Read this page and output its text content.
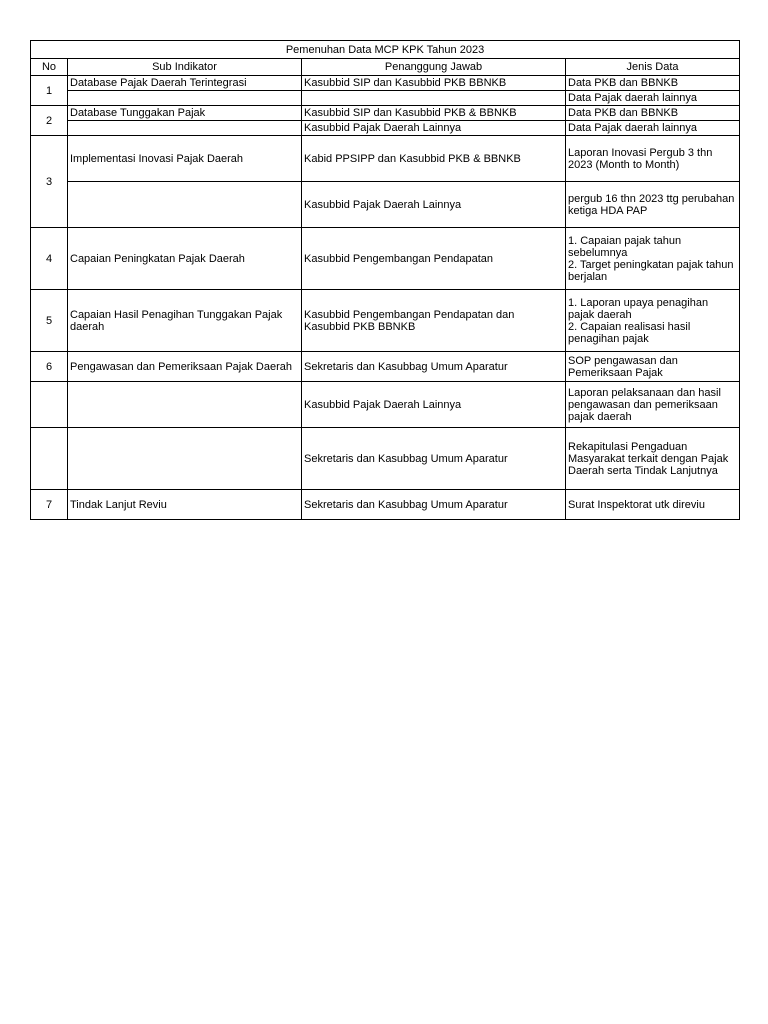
Pemenuhan Data MCP KPK Tahun 2023			
No	Sub Indikator	Penanggung Jawab	Jenis Data
1	Database Pajak Daerah Terintegrasi	Kasubbid SIP dan Kasubbid PKB BBNKB	Data PKB dan BBNKB
			Data Pajak daerah lainnya
2	Database Tunggakan Pajak	Kasubbid SIP dan Kasubbid PKB & BBNKB	Data PKB dan BBNKB
		Kasubbid Pajak Daerah Lainnya	Data Pajak daerah lainnya
3	Implementasi Inovasi Pajak Daerah	Kabid PPSIPP dan Kasubbid PKB & BBNKB	Laporan Inovasi Pergub 3 thn 2023 (Month to Month)
		Kasubbid Pajak Daerah Lainnya	pergub 16 thn 2023 ttg perubahan ketiga HDA PAP
4	Capaian Peningkatan Pajak Daerah	Kasubbid Pengembangan Pendapatan	1. Capaian pajak tahun sebelumnya
2. Target peningkatan pajak tahun berjalan
5	Capaian Hasil Penagihan Tunggakan Pajak daerah	Kasubbid Pengembangan Pendapatan dan Kasubbid PKB BBNKB	1. Laporan upaya penagihan pajak daerah
2. Capaian realisasi hasil penagihan pajak
6	Pengawasan dan Pemeriksaan Pajak Daerah	Sekretaris dan Kasubbag Umum Aparatur	SOP pengawasan dan Pemeriksaan Pajak
		Kasubbid Pajak Daerah Lainnya	Laporan pelaksanaan dan hasil pengawasan dan pemeriksaan pajak daerah
		Sekretaris dan Kasubbag Umum Aparatur	Rekapitulasi Pengaduan Masyarakat terkait dengan Pajak Daerah serta Tindak Lanjutnya
7	Tindak Lanjut Reviu	Sekretaris dan Kasubbag Umum Aparatur	Surat Inspektorat utk direviu
